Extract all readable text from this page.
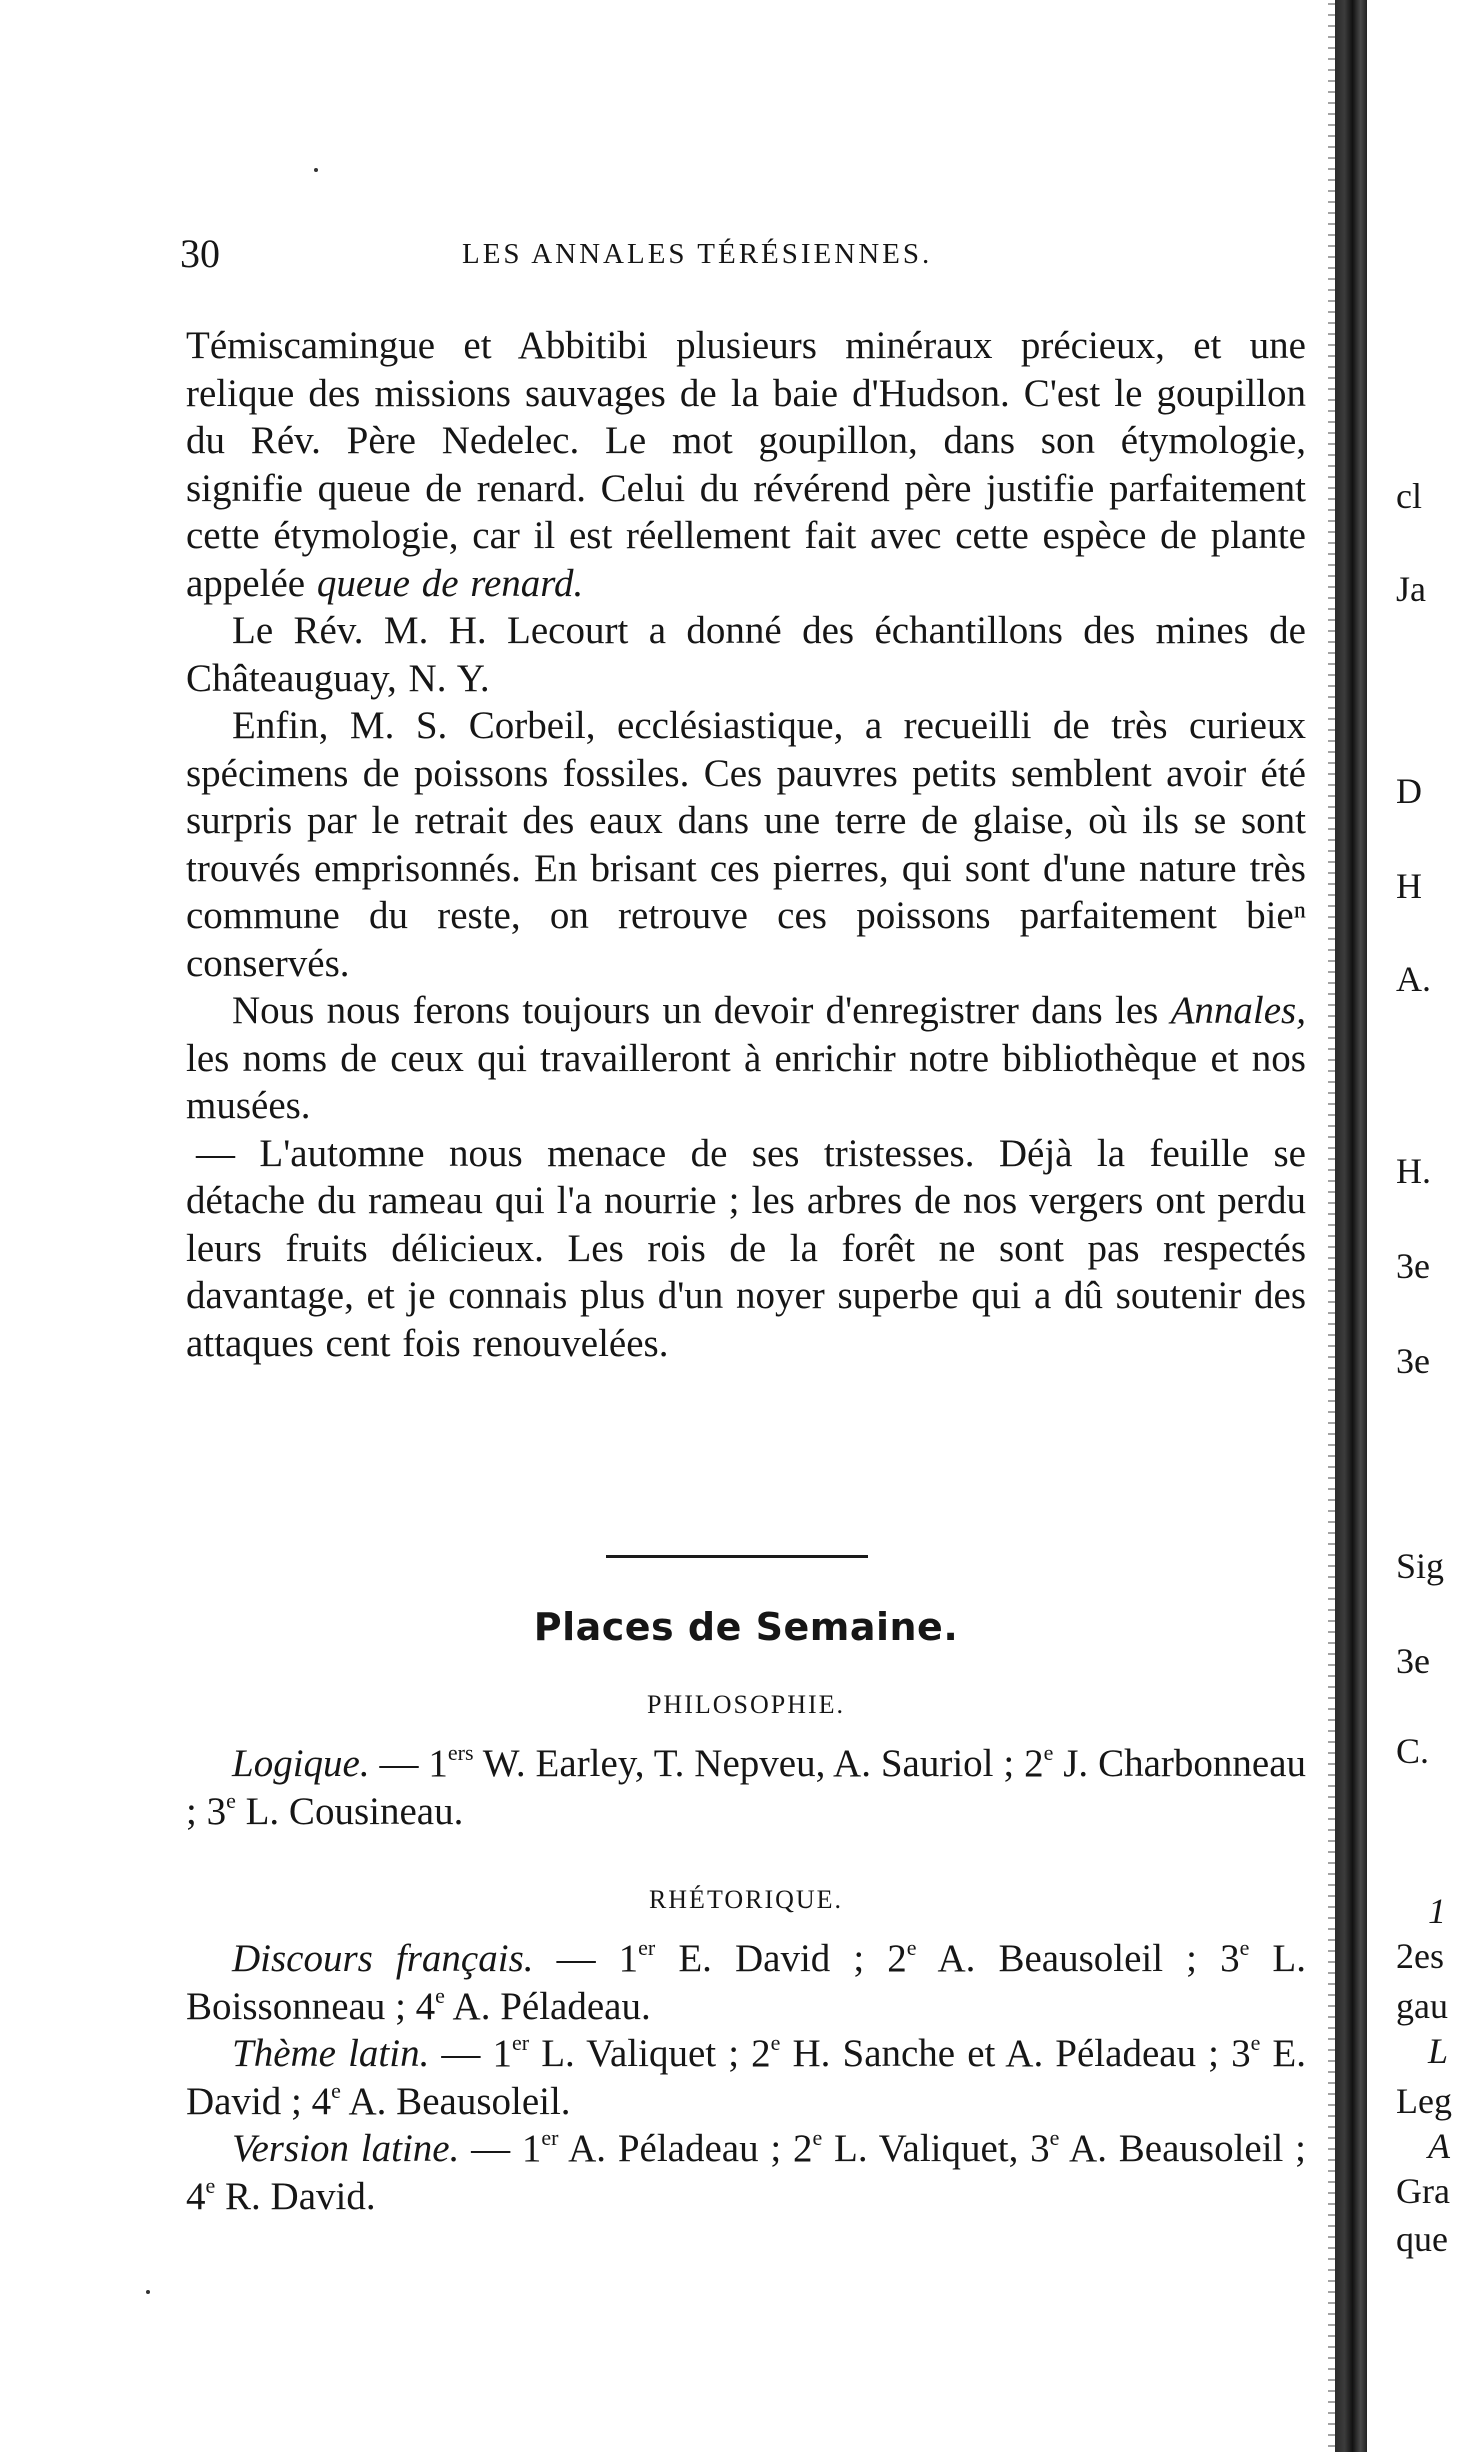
30	LES ANNALES TÉRÉSIENNES.

Témiscamingue et Abbitibi plusieurs minéraux précieux, et une relique des missions sauvages de la baie d'Hudson. C'est le goupillon du Rév. Père Nedelec. Le mot goupillon, dans son étymologie, signifie queue de renard. Celui du révérend père justifie parfaitement cette étymologie, car il est réellement fait avec cette espèce de plante appelée queue de renard.

Le Rév. M. H. Lecourt a donné des échantillons des mines de Châteauguay, N. Y.

Enfin, M. S. Corbeil, ecclésiastique, a recueilli de très curieux spécimens de poissons fossiles. Ces pauvres petits semblent avoir été surpris par le retrait des eaux dans une terre de glaise, où ils se sont trouvés emprisonnés. En brisant ces pierres, qui sont d'une nature très commune du reste, on retrouve ces poissons parfaitement bieⁿ conservés.

Nous nous ferons toujours un devoir d'enregistrer dans les Annales, les noms de ceux qui travailleront à enrichir notre bibliothèque et nos musées.

— L'automne nous menace de ses tristesses. Déjà la feuille se détache du rameau qui l'a nourrie ; les arbres de nos vergers ont perdu leurs fruits délicieux. Les rois de la forêt ne sont pas respectés davantage, et je connais plus d'un noyer superbe qui a dû soutenir des attaques cent fois renouvelées.

Places de Semaine.
PHILOSOPHIE.

Logique. — 1ers W. Earley, T. Nepveu, A. Sauriol ; 2e J. Charbonneau ; 3e L. Cousineau.

RHÉTORIQUE.

Discours français. — 1er E. David ; 2e A. Beausoleil ; 3e L. Boissonneau ; 4e A. Péladeau.

Thème latin. — 1er L. Valiquet ; 2e H. Sanche et A. Péladeau ; 3e E. David ; 4e A. Beausoleil.

Version latine. — 1er A. Péladeau ; 2e L. Valiquet, 3e A. Beausoleil ; 4e R. David.

cl
Ja
D
H
A.
H.
3e
3e
Sig
3e
C.
1
2es
gau
L
Leg
A
Gra
que
